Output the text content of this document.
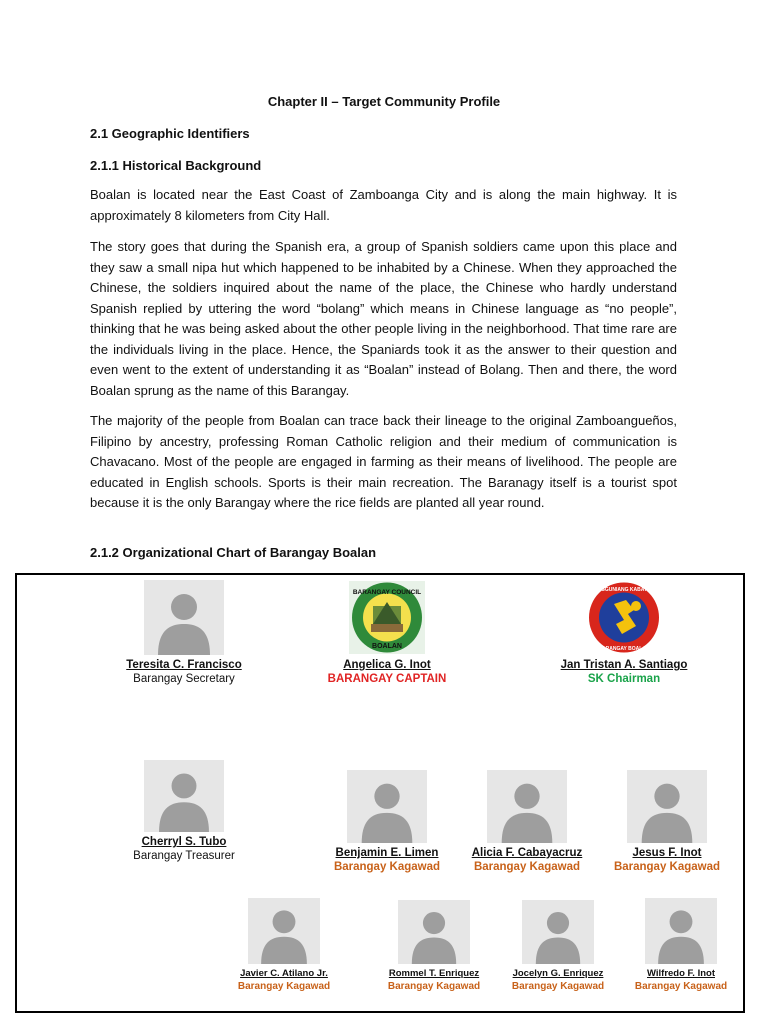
Chapter II – Target Community Profile
2.1 Geographic Identifiers
2.1.1 Historical Background

Boalan is located near the East Coast of Zamboanga City and is along the main highway. It is approximately 8 kilometers from City Hall.

The story goes that during the Spanish era, a group of Spanish soldiers came upon this place and they saw a small nipa hut which happened to be inhabited by a Chinese. When they approached the Chinese, the soldiers inquired about the name of the place, the Chinese who hardly understand Spanish replied by uttering the word “bolang” which means in Chinese language as “no people”, thinking that he was being asked about the other people living in the neighborhood. That time rare are the individuals living in the place. Hence, the Spaniards took it as the answer to their question and even went to the extent of understanding it as “Boalan” instead of Bolang. Then and there, the word Boalan sprung as the name of this Barangay.

The majority of the people from Boalan can trace back their lineage to the original Zamboangueños, Filipino by ancestry, professing Roman Catholic religion and their medium of communication is Chavacano. Most of the people are engaged in farming as their means of livelihood. The people are educated in English schools. Sports is their main recreation. The Baranagy itself is a tourist spot because it is the only Barangay where the rice fields are planted all year round.

2.1.2 Organizational Chart of Barangay Boalan
Teresita C. Francisco
Barangay Secretary
BARANGAY COUNCIL
BOALAN
Angelica G. Inot
BARANGAY CAPTAIN
SANGGUNIANG KABATAAN
BARANGAY BOALAN
Jan Tristan A. Santiago
SK Chairman
Cherryl S. Tubo
Barangay Treasurer	Benjamin E. Limen
Barangay Kagawad
Alicia F. Cabayacruz
Barangay Kagawad
Jesus F. Inot
Barangay Kagawad
Javier C. Atilano Jr.
Barangay Kagawad
Rommel T. Enriquez
Barangay Kagawad
Jocelyn G. Enriquez
Barangay Kagawad
Wilfredo F. Inot
Barangay Kagawad
